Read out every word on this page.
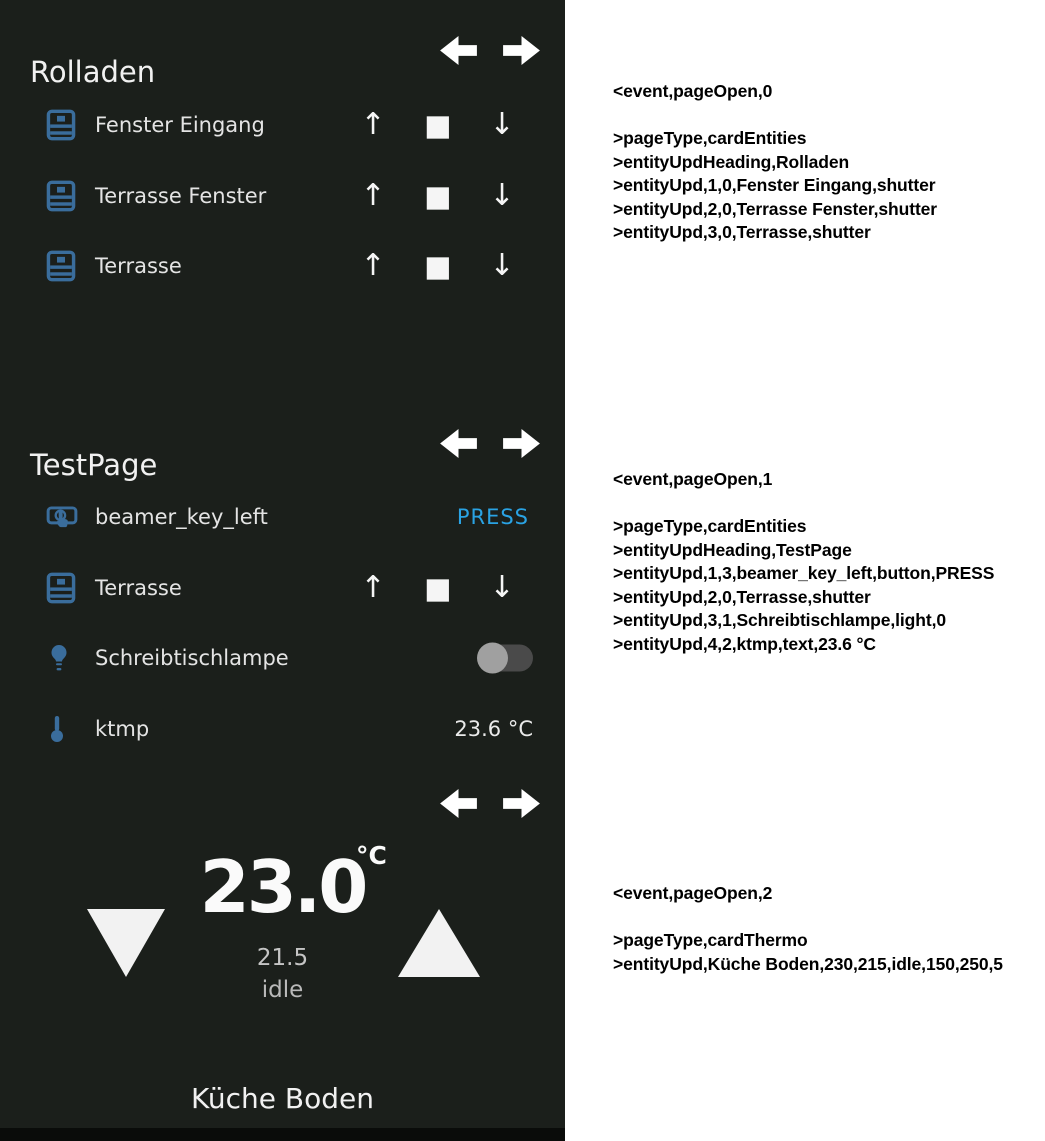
Rolladen
Fenster Eingang	↑	■	↓
Terrasse Fenster	↑	■	↓
Terrasse	↑	■	↓
TestPage
beamer_key_left	PRESS
Terrasse	↑	■	↓
Schreibtischlampe
ktmp	23.6 °C
23.0
°C
21.5
idle
Küche Boden
<event,pageOpen,0
>pageType,cardEntities
>entityUpdHeading,Rolladen
>entityUpd,1,0,Fenster Eingang,shutter
>entityUpd,2,0,Terrasse Fenster,shutter
>entityUpd,3,0,Terrasse,shutter
<event,pageOpen,1
>pageType,cardEntities
>entityUpdHeading,TestPage
>entityUpd,1,3,beamer_key_left,button,PRESS
>entityUpd,2,0,Terrasse,shutter
>entityUpd,3,1,Schreibtischlampe,light,0
>entityUpd,4,2,ktmp,text,23.6 °C
<event,pageOpen,2
>pageType,cardThermo
>entityUpd,Küche Boden,230,215,idle,150,250,5
